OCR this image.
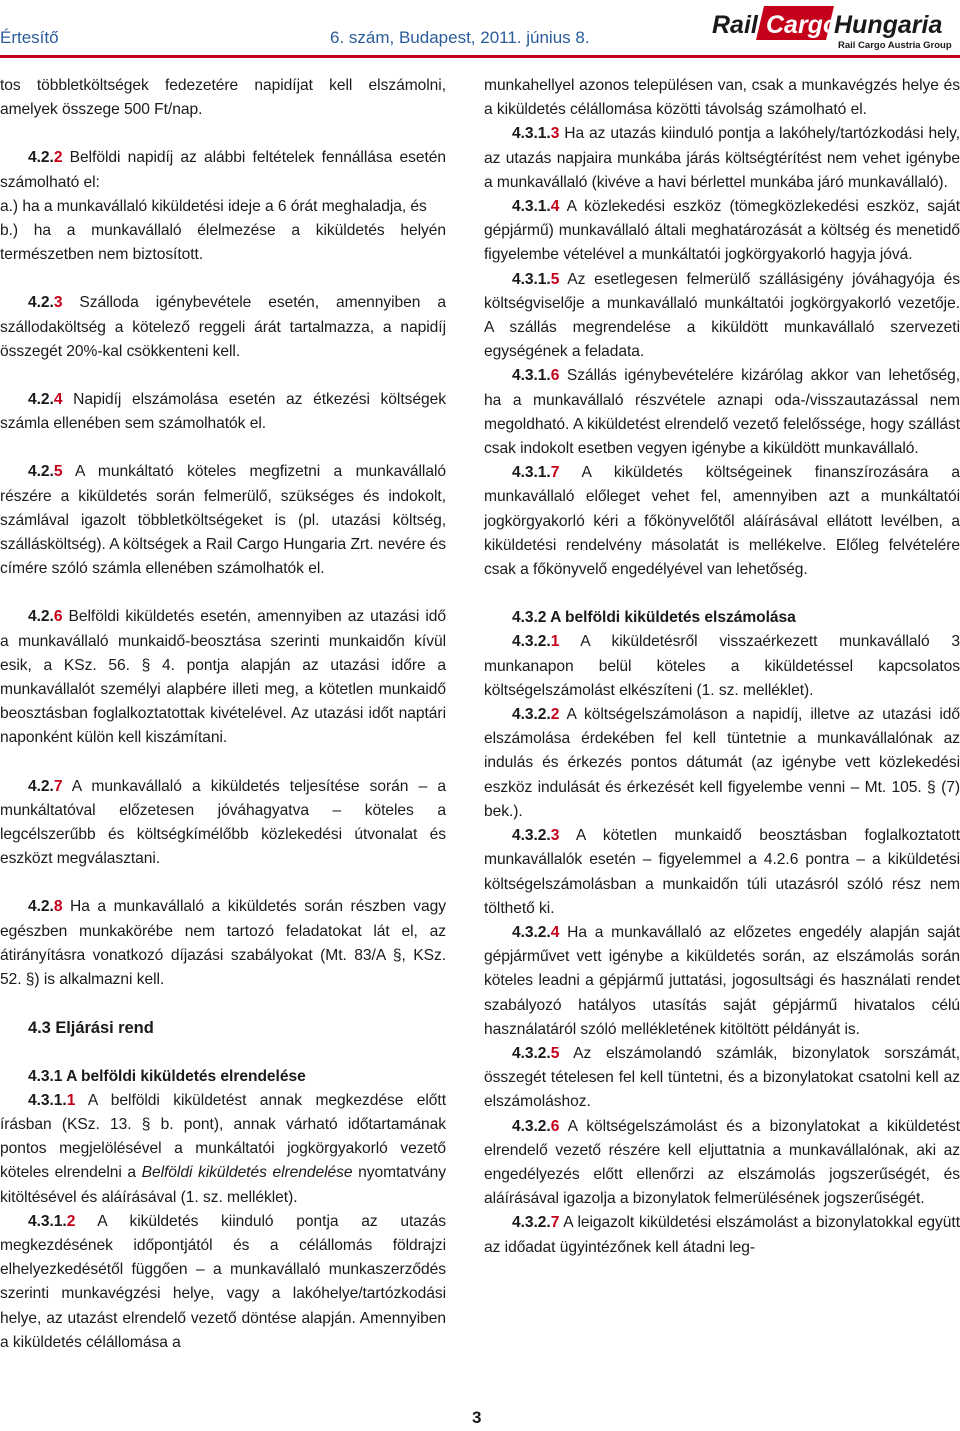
Értesítő	6. szám, Budapest, 2011. június 8.	Rail Cargo
Hungaria
Rail Cargo Austria Group

tos többletköltségek fedezetére napidíjat kell elszámolni, amelyek összege 500 Ft/nap.

4.2.2 Belföldi napidíj az alábbi feltételek fennállása esetén számolható el:

a.) ha a munkavállaló kiküldetési ideje a 6 órát meghaladja, és

b.) ha a munkavállaló élelmezése a kiküldetés helyén természetben nem biztosított.

4.2.3 Szálloda igénybevétele esetén, amennyiben a szállodaköltség a kötelező reggeli árát tartalmazza, a napidíj összegét 20%-kal csökkenteni kell.

4.2.4 Napidíj elszámolása esetén az étkezési költségek számla ellenében sem számolhatók el.

4.2.5 A munkáltató köteles megfizetni a munkavállaló részére a kiküldetés során felmerülő, szükséges és indokolt, számlával igazolt többletköltségeket is (pl. utazási költség, szállásköltség). A költségek a Rail Cargo Hungaria Zrt. nevére és címére szóló számla ellenében számolhatók el.

4.2.6 Belföldi kiküldetés esetén, amennyiben az utazási idő a munkavállaló munkaidő-beosztása szerinti munkaidőn kívül esik, a KSz. 56. § 4. pontja alapján az utazási időre a munkavállalót személyi alapbére illeti meg, a kötetlen munkaidő beosztásban foglalkoztatottak kivételével. Az utazási időt naptári naponként külön kell kiszámítani.

4.2.7 A munkavállaló a kiküldetés teljesítése során – a munkáltatóval előzetesen jóváhagyatva – köteles a legcélszerűbb és költségkímélőbb közlekedési útvonalat és eszközt megválasztani.

4.2.8 Ha a munkavállaló a kiküldetés során részben vagy egészben munkakörébe nem tartozó feladatokat lát el, az átirányításra vonatkozó díjazási szabályokat (Mt. 83/A §, KSz. 52. §) is alkalmazni kell.

4.3 Eljárási rend

4.3.1 A belföldi kiküldetés elrendelése

4.3.1.1 A belföldi kiküldetést annak megkezdése előtt írásban (KSz. 13. § b. pont), annak várható időtartamának pontos megjelölésével a munkáltatói jogkörgyakorló vezető köteles elrendelni a Belföldi kiküldetés elrendelése nyomtatvány kitöltésével és aláírásával (1. sz. melléklet).

4.3.1.2 A kiküldetés kiinduló pontja az utazás megkezdésének időpontjától és a célállomás földrajzi elhelyezkedésétől függően – a munkavállaló munkaszerződés szerinti munkavégzési helye, vagy a lakóhelye/tartózkodási helye, az utazást elrendelő vezető döntése alapján. Amennyiben a kiküldetés célállomása a

munkahellyel azonos településen van, csak a munkavégzés helye és a kiküldetés célállomása közötti távolság számolható el.

4.3.1.3 Ha az utazás kiinduló pontja a lakóhely/tartózkodási hely, az utazás napjaira munkába járás költségtérítést nem vehet igénybe a munkavállaló (kivéve a havi bérlettel munkába járó munkavállaló).

4.3.1.4 A közlekedési eszköz (tömegközlekedési eszköz, saját gépjármű) munkavállaló általi meghatározását a költség és menetidő figyelembe vételével a munkáltatói jogkörgyakorló hagyja jóvá.

4.3.1.5 Az esetlegesen felmerülő szállásigény jóváhagyója és költségviselője a munkavállaló munkáltatói jogkörgyakorló vezetője. A szállás megrendelése a kiküldött munkavállaló szervezeti egységének a feladata.

4.3.1.6 Szállás igénybevételére kizárólag akkor van lehetőség, ha a munkavállaló részvétele aznapi oda-/visszautazással nem megoldható. A kiküldetést elrendelő vezető felelőssége, hogy szállást csak indokolt esetben vegyen igénybe a kiküldött munkavállaló.

4.3.1.7 A kiküldetés költségeinek finanszírozására a munkavállaló előleget vehet fel, amennyiben azt a munkáltatói jogkörgyakorló kéri a főkönyvelőtől aláírásával ellátott levélben, a kiküldetési rendelvény másolatát is mellékelve. Előleg felvételére csak a főkönyvelő engedélyével van lehetőség.

4.3.2 A belföldi kiküldetés elszámolása

4.3.2.1 A kiküldetésről visszaérkezett munkavállaló 3 munkanapon belül köteles a kiküldetéssel kapcsolatos költségelszámolást elkészíteni (1. sz. melléklet).

4.3.2.2 A költségelszámoláson a napidíj, illetve az utazási idő elszámolása érdekében fel kell tüntetnie a munkavállalónak az indulás és érkezés pontos dátumát (az igénybe vett közlekedési eszköz indulását és érkezését kell figyelembe venni – Mt. 105. § (7) bek.).

4.3.2.3 A kötetlen munkaidő beosztásban foglalkoztatott munkavállalók esetén – figyelemmel a 4.2.6 pontra – a kiküldetési költségelszámolásban a munkaidőn túli utazásról szóló rész nem tölthető ki.

4.3.2.4 Ha a munkavállaló az előzetes engedély alapján saját gépjárművet vett igénybe a kiküldetés során, az elszámolás során köteles leadni a gépjármű juttatási, jogosultsági és használati rendet szabályozó hatályos utasítás saját gépjármű hivatalos célú használatáról szóló mellékletének kitöltött példányát is.

4.3.2.5 Az elszámolandó számlák, bizonylatok sorszámát, összegét tételesen fel kell tüntetni, és a bizonylatokat csatolni kell az elszámoláshoz.

4.3.2.6 A költségelszámolást és a bizonylatokat a kiküldetést elrendelő vezető részére kell eljuttatnia a munkavállalónak, aki az engedélyezés előtt ellenőrzi az elszámolás jogszerűségét, és aláírásával igazolja a bizonylatok felmerülésének jogszerűségét.

4.3.2.7 A leigazolt kiküldetési elszámolást a bizonylatokkal együtt az időadat ügyintézőnek kell átadni leg-

3
